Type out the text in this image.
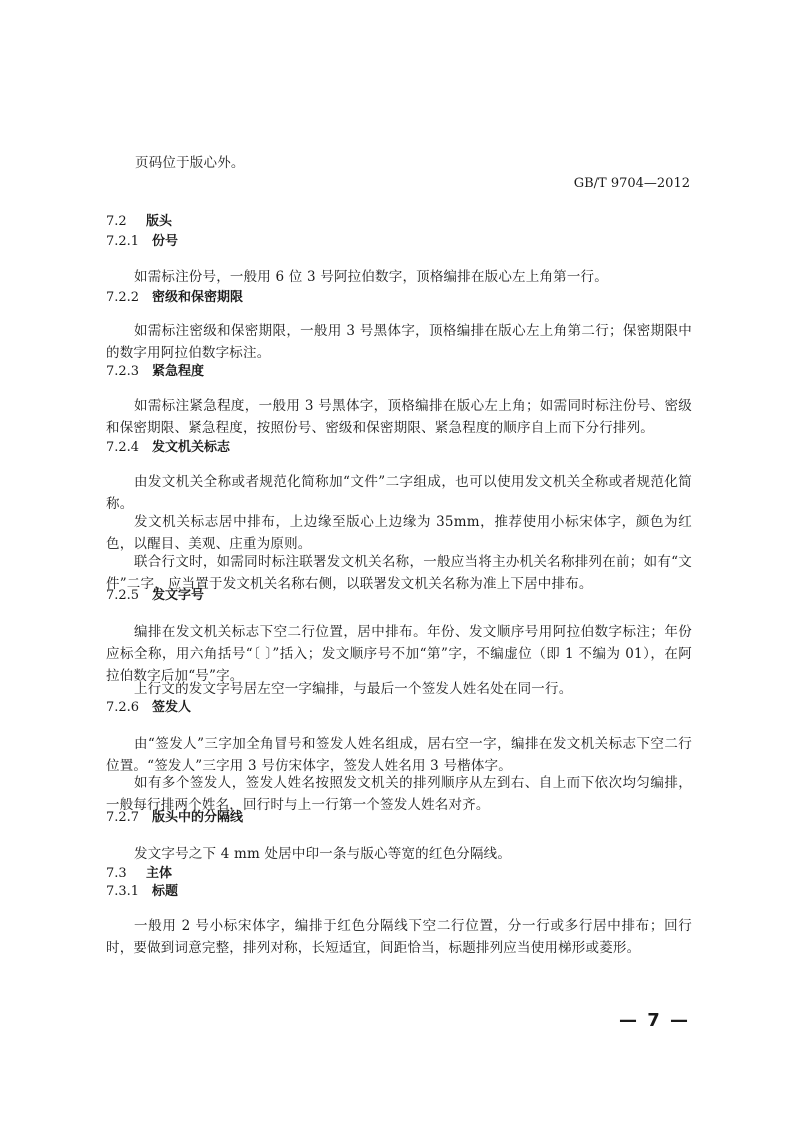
页码位于版心外。
GB/T 9704—2012
7.2 版头
7.2.1 份号
如需标注份号，一般用 6 位 3 号阿拉伯数字，顶格编排在版心左上角第一行。
7.2.2 密级和保密期限
如需标注密级和保密期限，一般用 3 号黑体字，顶格编排在版心左上角第二行；保密期限中的数字用阿拉伯数字标注。
7.2.3 紧急程度
如需标注紧急程度，一般用 3 号黑体字，顶格编排在版心左上角；如需同时标注份号、密级和保密期限、紧急程度，按照份号、密级和保密期限、紧急程度的顺序自上而下分行排列。
7.2.4 发文机关标志
由发文机关全称或者规范化简称加“文件”二字组成，也可以使用发文机关全称或者规范化简称。
发文机关标志居中排布，上边缘至版心上边缘为 35mm，推荐使用小标宋体字，颜色为红色，以醒目、美观、庄重为原则。
联合行文时，如需同时标注联署发文机关名称，一般应当将主办机关名称排列在前；如有“文件”二字，应当置于发文机关名称右侧，以联署发文机关名称为准上下居中排布。
7.2.5 发文字号
编排在发文机关标志下空二行位置，居中排布。年份、发文顺序号用阿拉伯数字标注；年份应标全称，用六角括号“〔 〕”括入；发文顺序号不加“第”字，不编虚位（即 1 不编为 01），在阿拉伯数字后加“号”字。
上行文的发文字号居左空一字编排，与最后一个签发人姓名处在同一行。
7.2.6 签发人
由“签发人”三字加全角冒号和签发人姓名组成，居右空一字，编排在发文机关标志下空二行位置。“签发人”三字用 3 号仿宋体字，签发人姓名用 3 号楷体字。
如有多个签发人，签发人姓名按照发文机关的排列顺序从左到右、自上而下依次均匀编排，一般每行排两个姓名，回行时与上一行第一个签发人姓名对齐。
7.2.7 版头中的分隔线
发文字号之下 4 mm 处居中印一条与版心等宽的红色分隔线。
7.3 主体
7.3.1 标题
一般用 2 号小标宋体字，编排于红色分隔线下空二行位置，分一行或多行居中排布；回行时，要做到词意完整，排列对称，长短适宜，间距恰当，标题排列应当使用梯形或菱形。
— 7 —
